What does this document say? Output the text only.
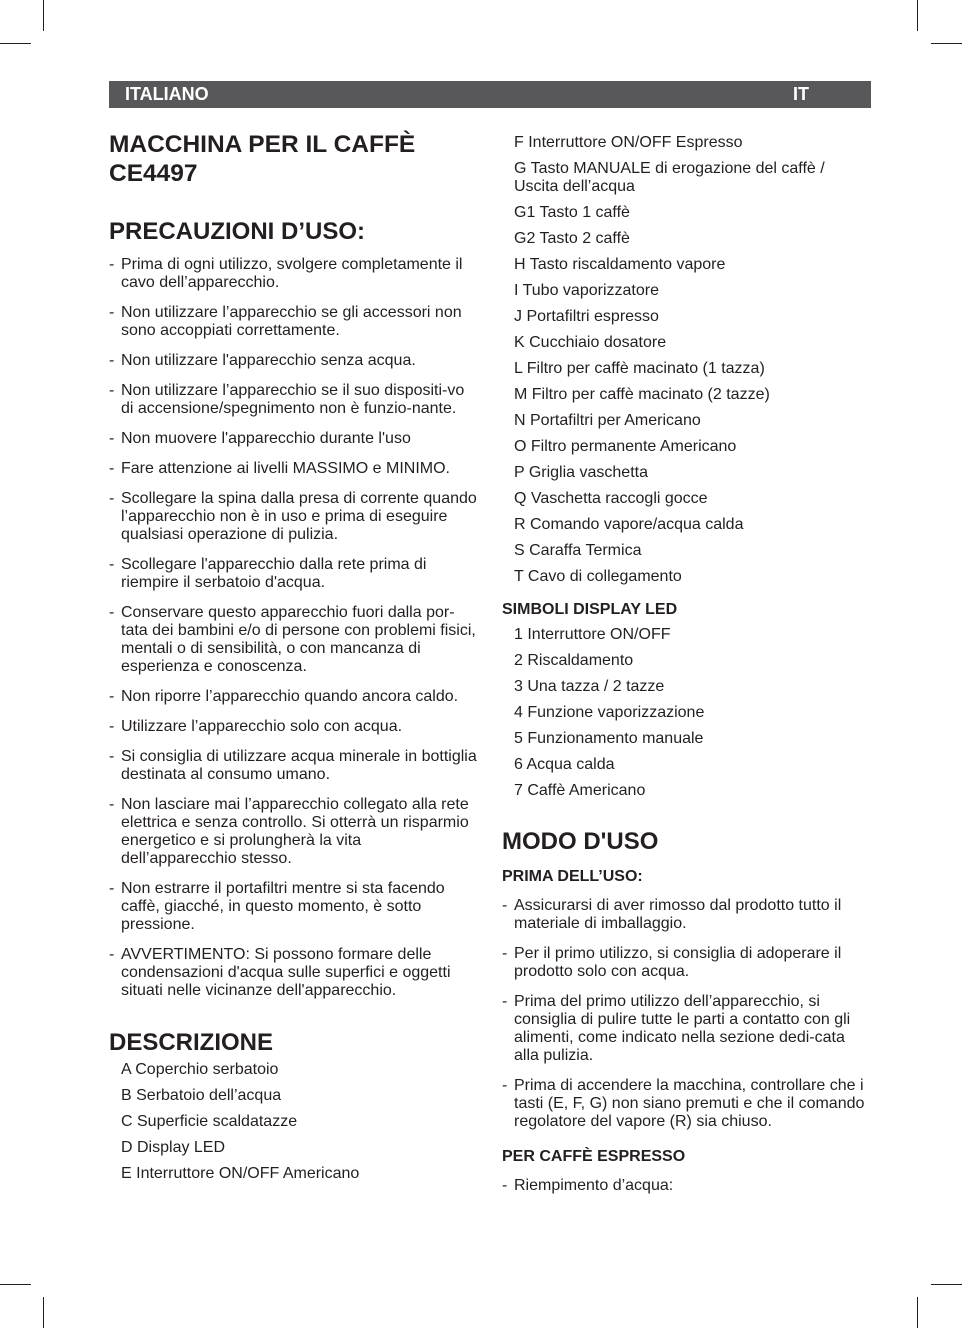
ITALIANO	IT
MACCHINA PER IL CAFFÈ
CE4497
PRECAUZIONI D’USO:
- Prima di ogni utilizzo, svolgere completamente il cavo dell’apparecchio.
- Non utilizzare l’apparecchio se gli accessori non sono accoppiati correttamente.
- Non utilizzare l'apparecchio senza acqua.
- Non utilizzare l’apparecchio se il suo dispositi-vo di accensione/spegnimento non è funzio-nante.
- Non muovere l'apparecchio durante l'uso
- Fare attenzione ai livelli MASSIMO e MINIMO.
- Scollegare la spina dalla presa di corrente quando l’apparecchio non è in uso e prima di eseguire qualsiasi operazione di pulizia.
- Scollegare l'apparecchio dalla rete prima di riempire il serbatoio d'acqua.
- Conservare questo apparecchio fuori dalla por-tata dei bambini e/o di persone con problemi fisici, mentali o di sensibilità, o con mancanza di esperienza e conoscenza.
- Non riporre l’apparecchio quando ancora caldo.
- Utilizzare l’apparecchio solo con acqua.
- Si consiglia di utilizzare acqua minerale in bottiglia destinata al consumo umano.
- Non lasciare mai l’apparecchio collegato alla rete elettrica e senza controllo. Si otterrà un risparmio energetico e si prolungherà la vita dell’apparecchio stesso.
- Non estrarre il portafiltri mentre si sta facendo caffè, giacché, in questo momento, è sotto pressione.
- AVVERTIMENTO: Si possono formare delle condensazioni d'acqua sulle superfici e oggetti situati nelle vicinanze dell'apparecchio.
DESCRIZIONE
A Coperchio serbatoio
B Serbatoio dell’acqua
C Superficie scaldatazze
D Display LED
E Interruttore ON/OFF Americano
F Interruttore ON/OFF Espresso
G Tasto MANUALE di erogazione del caffè / Uscita dell’acqua
G1 Tasto 1 caffè
G2 Tasto 2 caffè
H Tasto riscaldamento vapore
I Tubo vaporizzatore
J Portafiltri espresso
K Cucchiaio dosatore
L Filtro per caffè macinato (1 tazza)
M Filtro per caffè macinato (2 tazze)
N Portafiltri per Americano
O Filtro permanente Americano
P Griglia vaschetta
Q Vaschetta raccogli gocce
R Comando vapore/acqua calda
S Caraffa Termica
T Cavo di collegamento
SIMBOLI DISPLAY LED
1 Interruttore ON/OFF
2 Riscaldamento
3 Una tazza / 2 tazze
4 Funzione vaporizzazione
5 Funzionamento manuale
6 Acqua calda
7 Caffè Americano
MODO D'USO
PRIMA DELL’USO:
- Assicurarsi di aver rimosso dal prodotto tutto il materiale di imballaggio.
- Per il primo utilizzo, si consiglia di adoperare il prodotto solo con acqua.
- Prima del primo utilizzo dell’apparecchio, si consiglia di pulire tutte le parti a contatto con gli alimenti, come indicato nella sezione dedi-cata alla pulizia.
- Prima di accendere la macchina, controllare che i tasti (E, F, G) non siano premuti e che il comando regolatore del vapore (R) sia chiuso.
PER CAFFÈ ESPRESSO
- Riempimento d’acqua:
